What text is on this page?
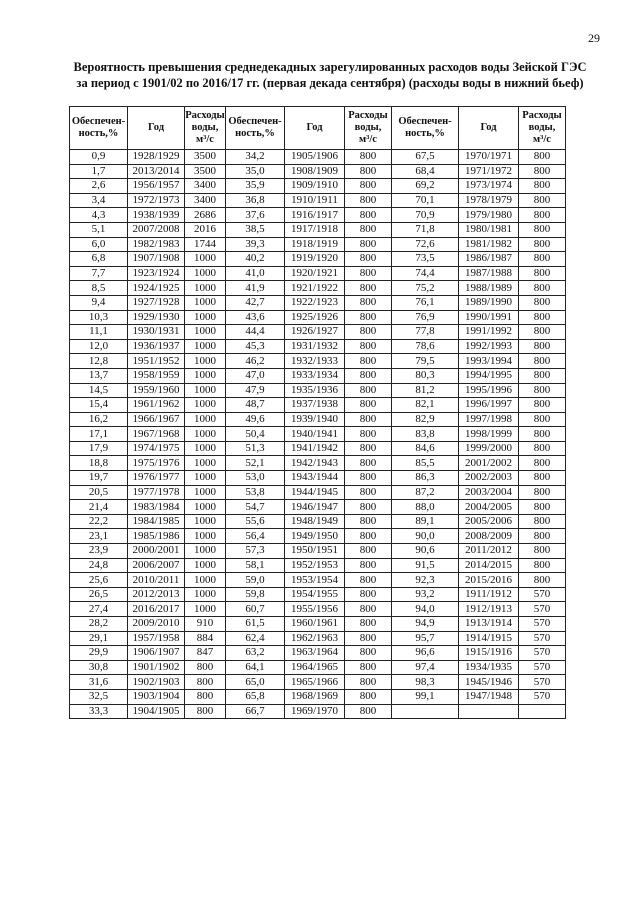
29
Вероятность превышения среднедекадных зарегулированных расходов воды Зейской ГЭС
за период с 1901/02 по 2016/17 гг. (первая декада сентября) (расходы воды в нижний бьеф)
Обеспечен-
ность,%	Год	Расходы
воды,
м³/с	Обеспечен-
ность,%	Год	Расходы
воды,
м³/с	Обеспечен-
ность,%	Год	Расходы
воды,
м³/с

0,9	1928/1929	3500	34,2	1905/1906	800	67,5	1970/1971	800
1,7	2013/2014	3500	35,0	1908/1909	800	68,4	1971/1972	800
2,6	1956/1957	3400	35,9	1909/1910	800	69,2	1973/1974	800
3,4	1972/1973	3400	36,8	1910/1911	800	70,1	1978/1979	800
4,3	1938/1939	2686	37,6	1916/1917	800	70,9	1979/1980	800
5,1	2007/2008	2016	38,5	1917/1918	800	71,8	1980/1981	800
6,0	1982/1983	1744	39,3	1918/1919	800	72,6	1981/1982	800
6,8	1907/1908	1000	40,2	1919/1920	800	73,5	1986/1987	800
7,7	1923/1924	1000	41,0	1920/1921	800	74,4	1987/1988	800
8,5	1924/1925	1000	41,9	1921/1922	800	75,2	1988/1989	800
9,4	1927/1928	1000	42,7	1922/1923	800	76,1	1989/1990	800
10,3	1929/1930	1000	43,6	1925/1926	800	76,9	1990/1991	800
11,1	1930/1931	1000	44,4	1926/1927	800	77,8	1991/1992	800
12,0	1936/1937	1000	45,3	1931/1932	800	78,6	1992/1993	800
12,8	1951/1952	1000	46,2	1932/1933	800	79,5	1993/1994	800
13,7	1958/1959	1000	47,0	1933/1934	800	80,3	1994/1995	800
14,5	1959/1960	1000	47,9	1935/1936	800	81,2	1995/1996	800
15,4	1961/1962	1000	48,7	1937/1938	800	82,1	1996/1997	800
16,2	1966/1967	1000	49,6	1939/1940	800	82,9	1997/1998	800
17,1	1967/1968	1000	50,4	1940/1941	800	83,8	1998/1999	800
17,9	1974/1975	1000	51,3	1941/1942	800	84,6	1999/2000	800
18,8	1975/1976	1000	52,1	1942/1943	800	85,5	2001/2002	800
19,7	1976/1977	1000	53,0	1943/1944	800	86,3	2002/2003	800
20,5	1977/1978	1000	53,8	1944/1945	800	87,2	2003/2004	800
21,4	1983/1984	1000	54,7	1946/1947	800	88,0	2004/2005	800
22,2	1984/1985	1000	55,6	1948/1949	800	89,1	2005/2006	800
23,1	1985/1986	1000	56,4	1949/1950	800	90,0	2008/2009	800
23,9	2000/2001	1000	57,3	1950/1951	800	90,6	2011/2012	800
24,8	2006/2007	1000	58,1	1952/1953	800	91,5	2014/2015	800
25,6	2010/2011	1000	59,0	1953/1954	800	92,3	2015/2016	800
26,5	2012/2013	1000	59,8	1954/1955	800	93,2	1911/1912	570
27,4	2016/2017	1000	60,7	1955/1956	800	94,0	1912/1913	570
28,2	2009/2010	910	61,5	1960/1961	800	94,9	1913/1914	570
29,1	1957/1958	884	62,4	1962/1963	800	95,7	1914/1915	570
29,9	1906/1907	847	63,2	1963/1964	800	96,6	1915/1916	570
30,8	1901/1902	800	64,1	1964/1965	800	97,4	1934/1935	570
31,6	1902/1903	800	65,0	1965/1966	800	98,3	1945/1946	570
32,5	1903/1904	800	65,8	1968/1969	800	99,1	1947/1948	570
33,3	1904/1905	800	66,7	1969/1970	800			
